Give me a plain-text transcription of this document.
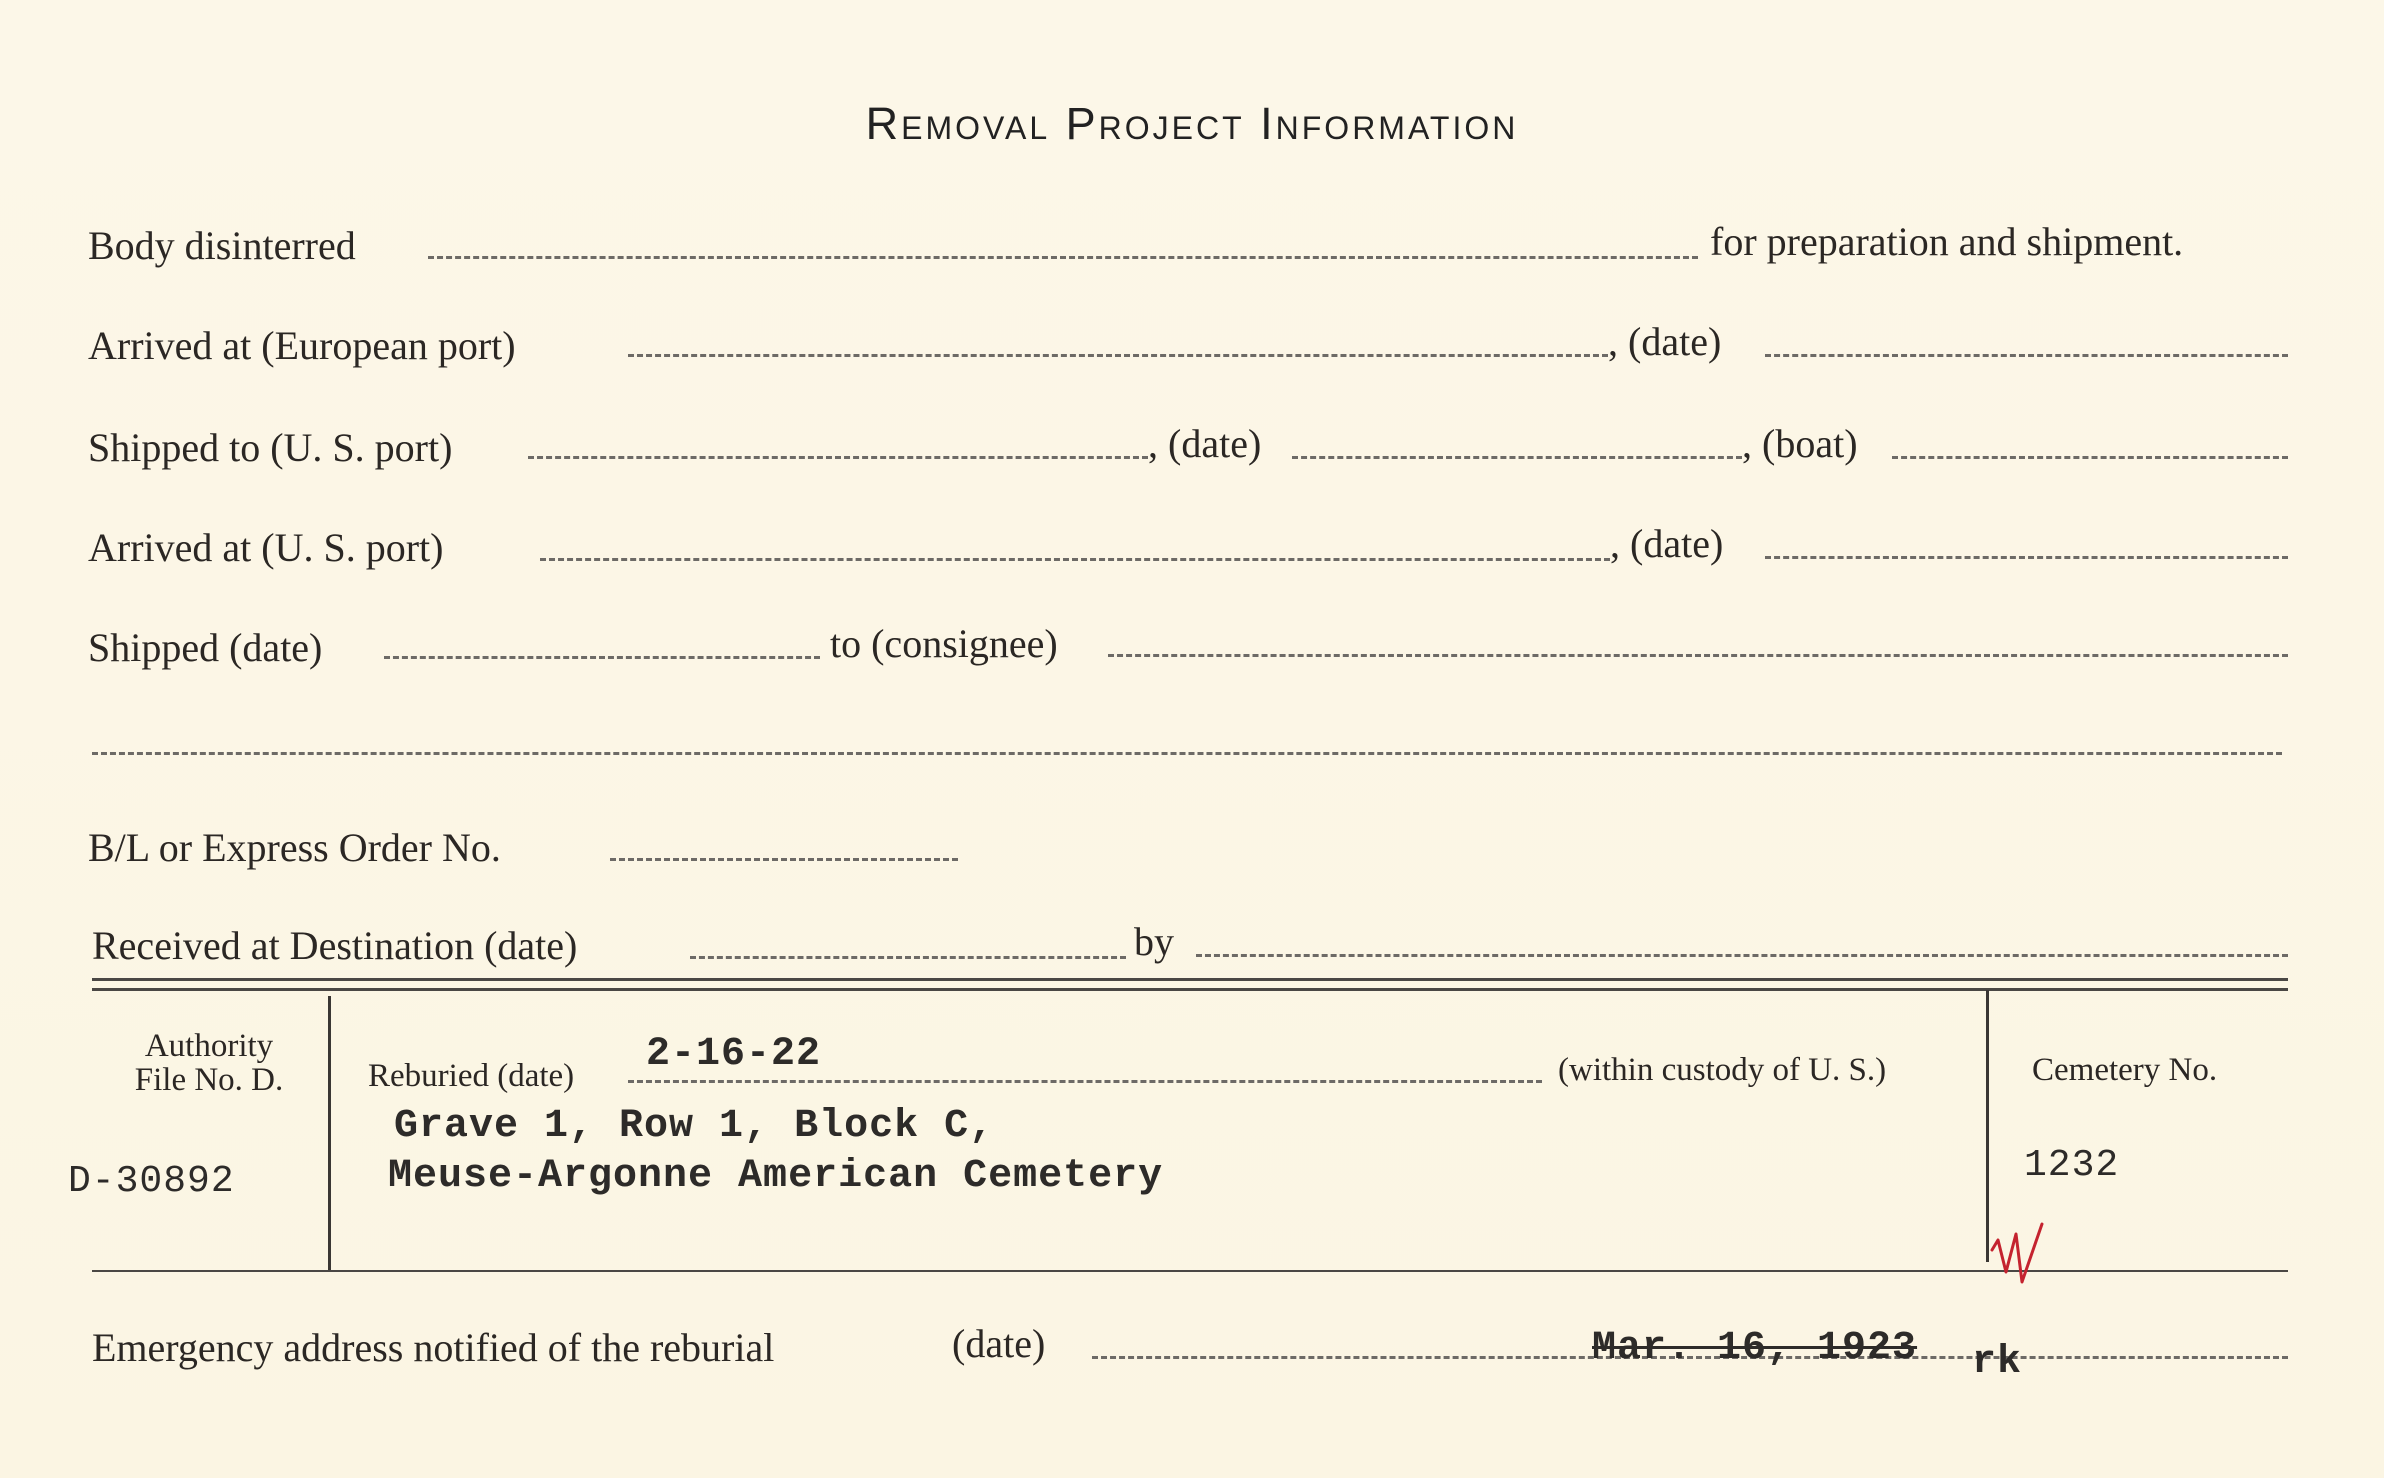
Removal Project Information
Body disinterred	for preparation and shipment.
Arrived at (European port)	, (date)
Shipped to (U. S. port)	, (date)	, (boat)
Arrived at (U. S. port)	, (date)
Shipped (date)	to (consignee)
B/L or Express Order No.
Received at Destination (date)	by
Authority
File No. D.
D-30892
Reburied (date) 2-16-22	(within custody of U. S.)
Grave 1, Row 1, Block C,
Meuse-Argonne American Cemetery
Cemetery No.
1232
Emergency address notified of the reburial	(date)	Mar. 16, 1923 rk
